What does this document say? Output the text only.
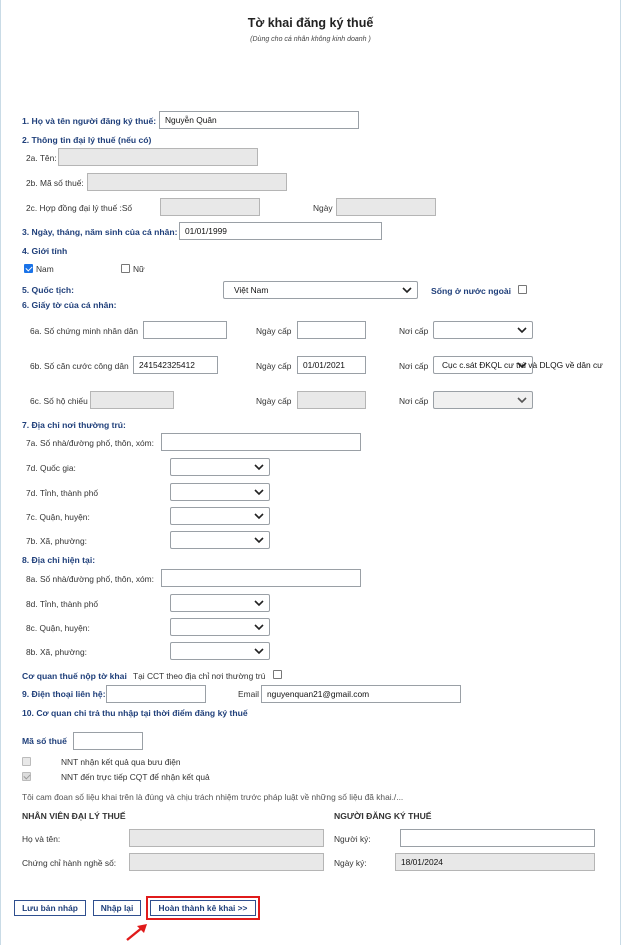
Tờ khai đăng ký thuế
(Dùng cho cá nhân không kinh doanh )
1. Họ và tên người đăng ký thuế:	Nguyễn Quân
2. Thông tin đại lý thuế (nếu có)
2a. Tên:
2b. Mã số thuế:
2c. Hợp đồng đại lý thuế :Số	Ngày
3. Ngày, tháng, năm sinh của cá nhân: 01/01/1999
4. Giới tính
Nam	Nữ
5. Quốc tịch:	Việt Nam	Sống ở nước ngoài
6. Giấy tờ của cá nhân:
6a. Số chứng minh nhân dân	Ngày cấp	Nơi cấp
6b. Số căn cước công dân	241542325412	Ngày cấp	01/01/2021	Nơi cấp	Cục c.sát ĐKQL cư trú và DLQG về dân cư
6c. Số hộ chiếu	Ngày cấp	Nơi cấp
7. Địa chỉ nơi thường trú:
7a. Số nhà/đường phố, thôn, xóm:
7d. Quốc gia:
7d. Tỉnh, thành phố
7c. Quận, huyện:
7b. Xã, phường:
8. Địa chỉ hiện tại:
8a. Số nhà/đường phố, thôn, xóm:
8d. Tỉnh, thành phố
8c. Quận, huyện:
8b. Xã, phường:
Cơ quan thuế nộp tờ khai Tại CCT theo địa chỉ nơi thường trú
9. Điện thoại liên hệ:	Email nguyenquan21@gmail.com
10. Cơ quan chi trả thu nhập tại thời điểm đăng ký thuế
Mã số thuế
NNT nhận kết quả qua bưu điện
NNT đến trực tiếp CQT để nhận kết quả
Tôi cam đoan số liệu khai trên là đúng và chịu trách nhiệm trước pháp luật về những số liệu đã khai./...
NHÂN VIÊN ĐẠI LÝ THUẾ	NGƯỜI ĐĂNG KÝ THUẾ
Họ và tên:	Người ký:
Chứng chỉ hành nghề số:	Ngày ký:	18/01/2024
Lưu bản nháp	Nhập lại	Hoàn thành kê khai >>
